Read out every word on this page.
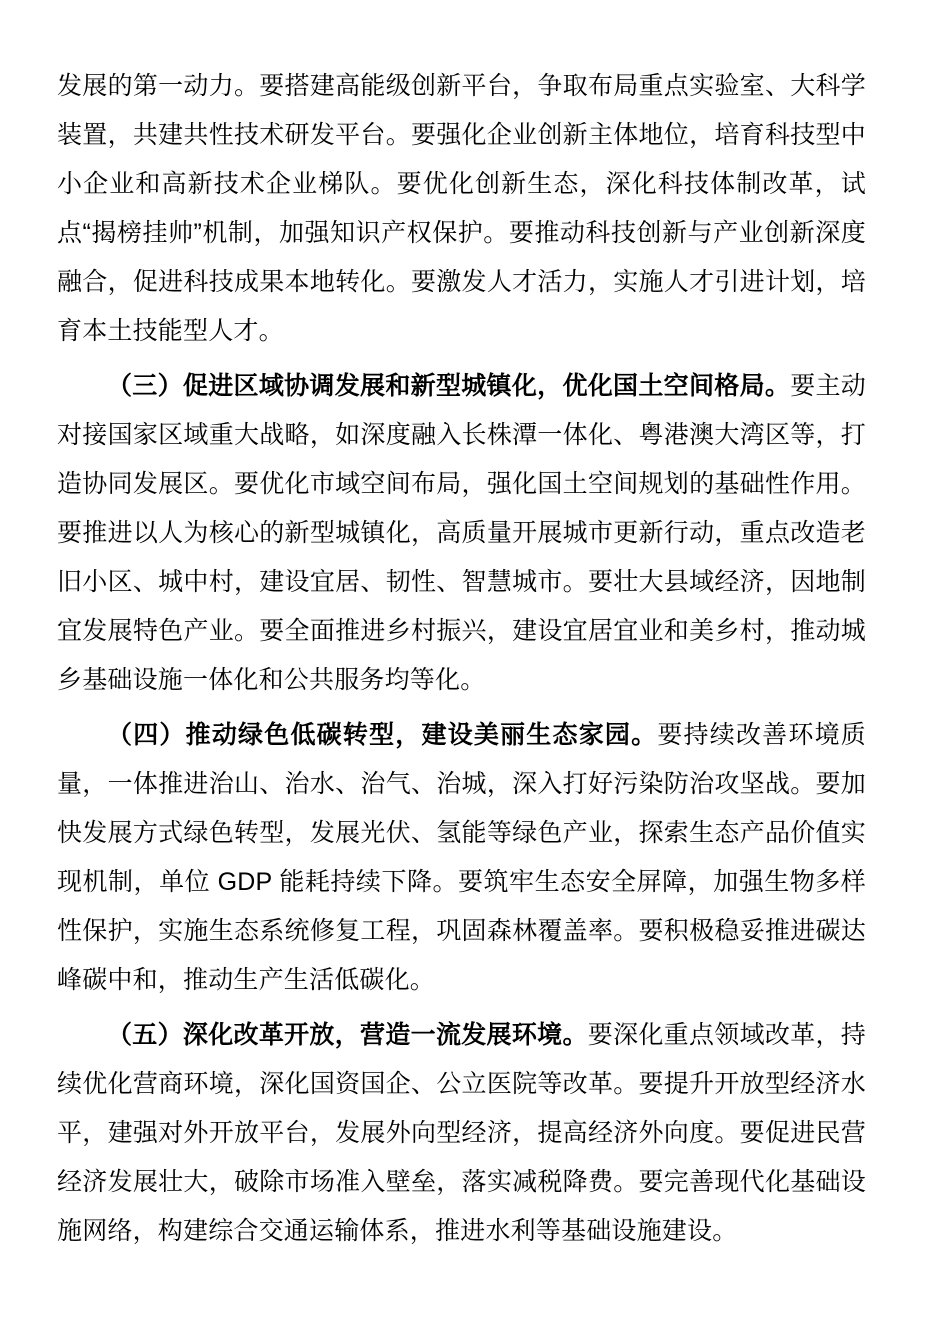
发展的第一动力。要搭建高能级创新平台，争取布局重点实验室、大科学装置，共建共性技术研发平台。要强化企业创新主体地位，培育科技型中小企业和高新技术企业梯队。要优化创新生态，深化科技体制改革，试点“揭榜挂帅”机制，加强知识产权保护。要推动科技创新与产业创新深度融合，促进科技成果本地转化。要激发人才活力，实施人才引进计划，培育本土技能型人才。

（三）促进区域协调发展和新型城镇化，优化国土空间格局。要主动对接国家区域重大战略，如深度融入长株潭一体化、粤港澳大湾区等，打造协同发展区。要优化市域空间布局，强化国土空间规划的基础性作用。要推进以人为核心的新型城镇化，高质量开展城市更新行动，重点改造老旧小区、城中村，建设宜居、韧性、智慧城市。要壮大县域经济，因地制宜发展特色产业。要全面推进乡村振兴，建设宜居宜业和美乡村，推动城乡基础设施一体化和公共服务均等化。

（四）推动绿色低碳转型，建设美丽生态家园。要持续改善环境质量，一体推进治山、治水、治气、治城，深入打好污染防治攻坚战。要加快发展方式绿色转型，发展光伏、氢能等绿色产业，探索生态产品价值实现机制，单位 GDP 能耗持续下降。要筑牢生态安全屏障，加强生物多样性保护，实施生态系统修复工程，巩固森林覆盖率。要积极稳妥推进碳达峰碳中和，推动生产生活低碳化。

（五）深化改革开放，营造一流发展环境。要深化重点领域改革，持续优化营商环境，深化国资国企、公立医院等改革。要提升开放型经济水平，建强对外开放平台，发展外向型经济，提高经济外向度。要促进民营经济发展壮大，破除市场准入壁垒，落实减税降费。要完善现代化基础设施网络，构建综合交通运输体系，推进水利等基础设施建设。
